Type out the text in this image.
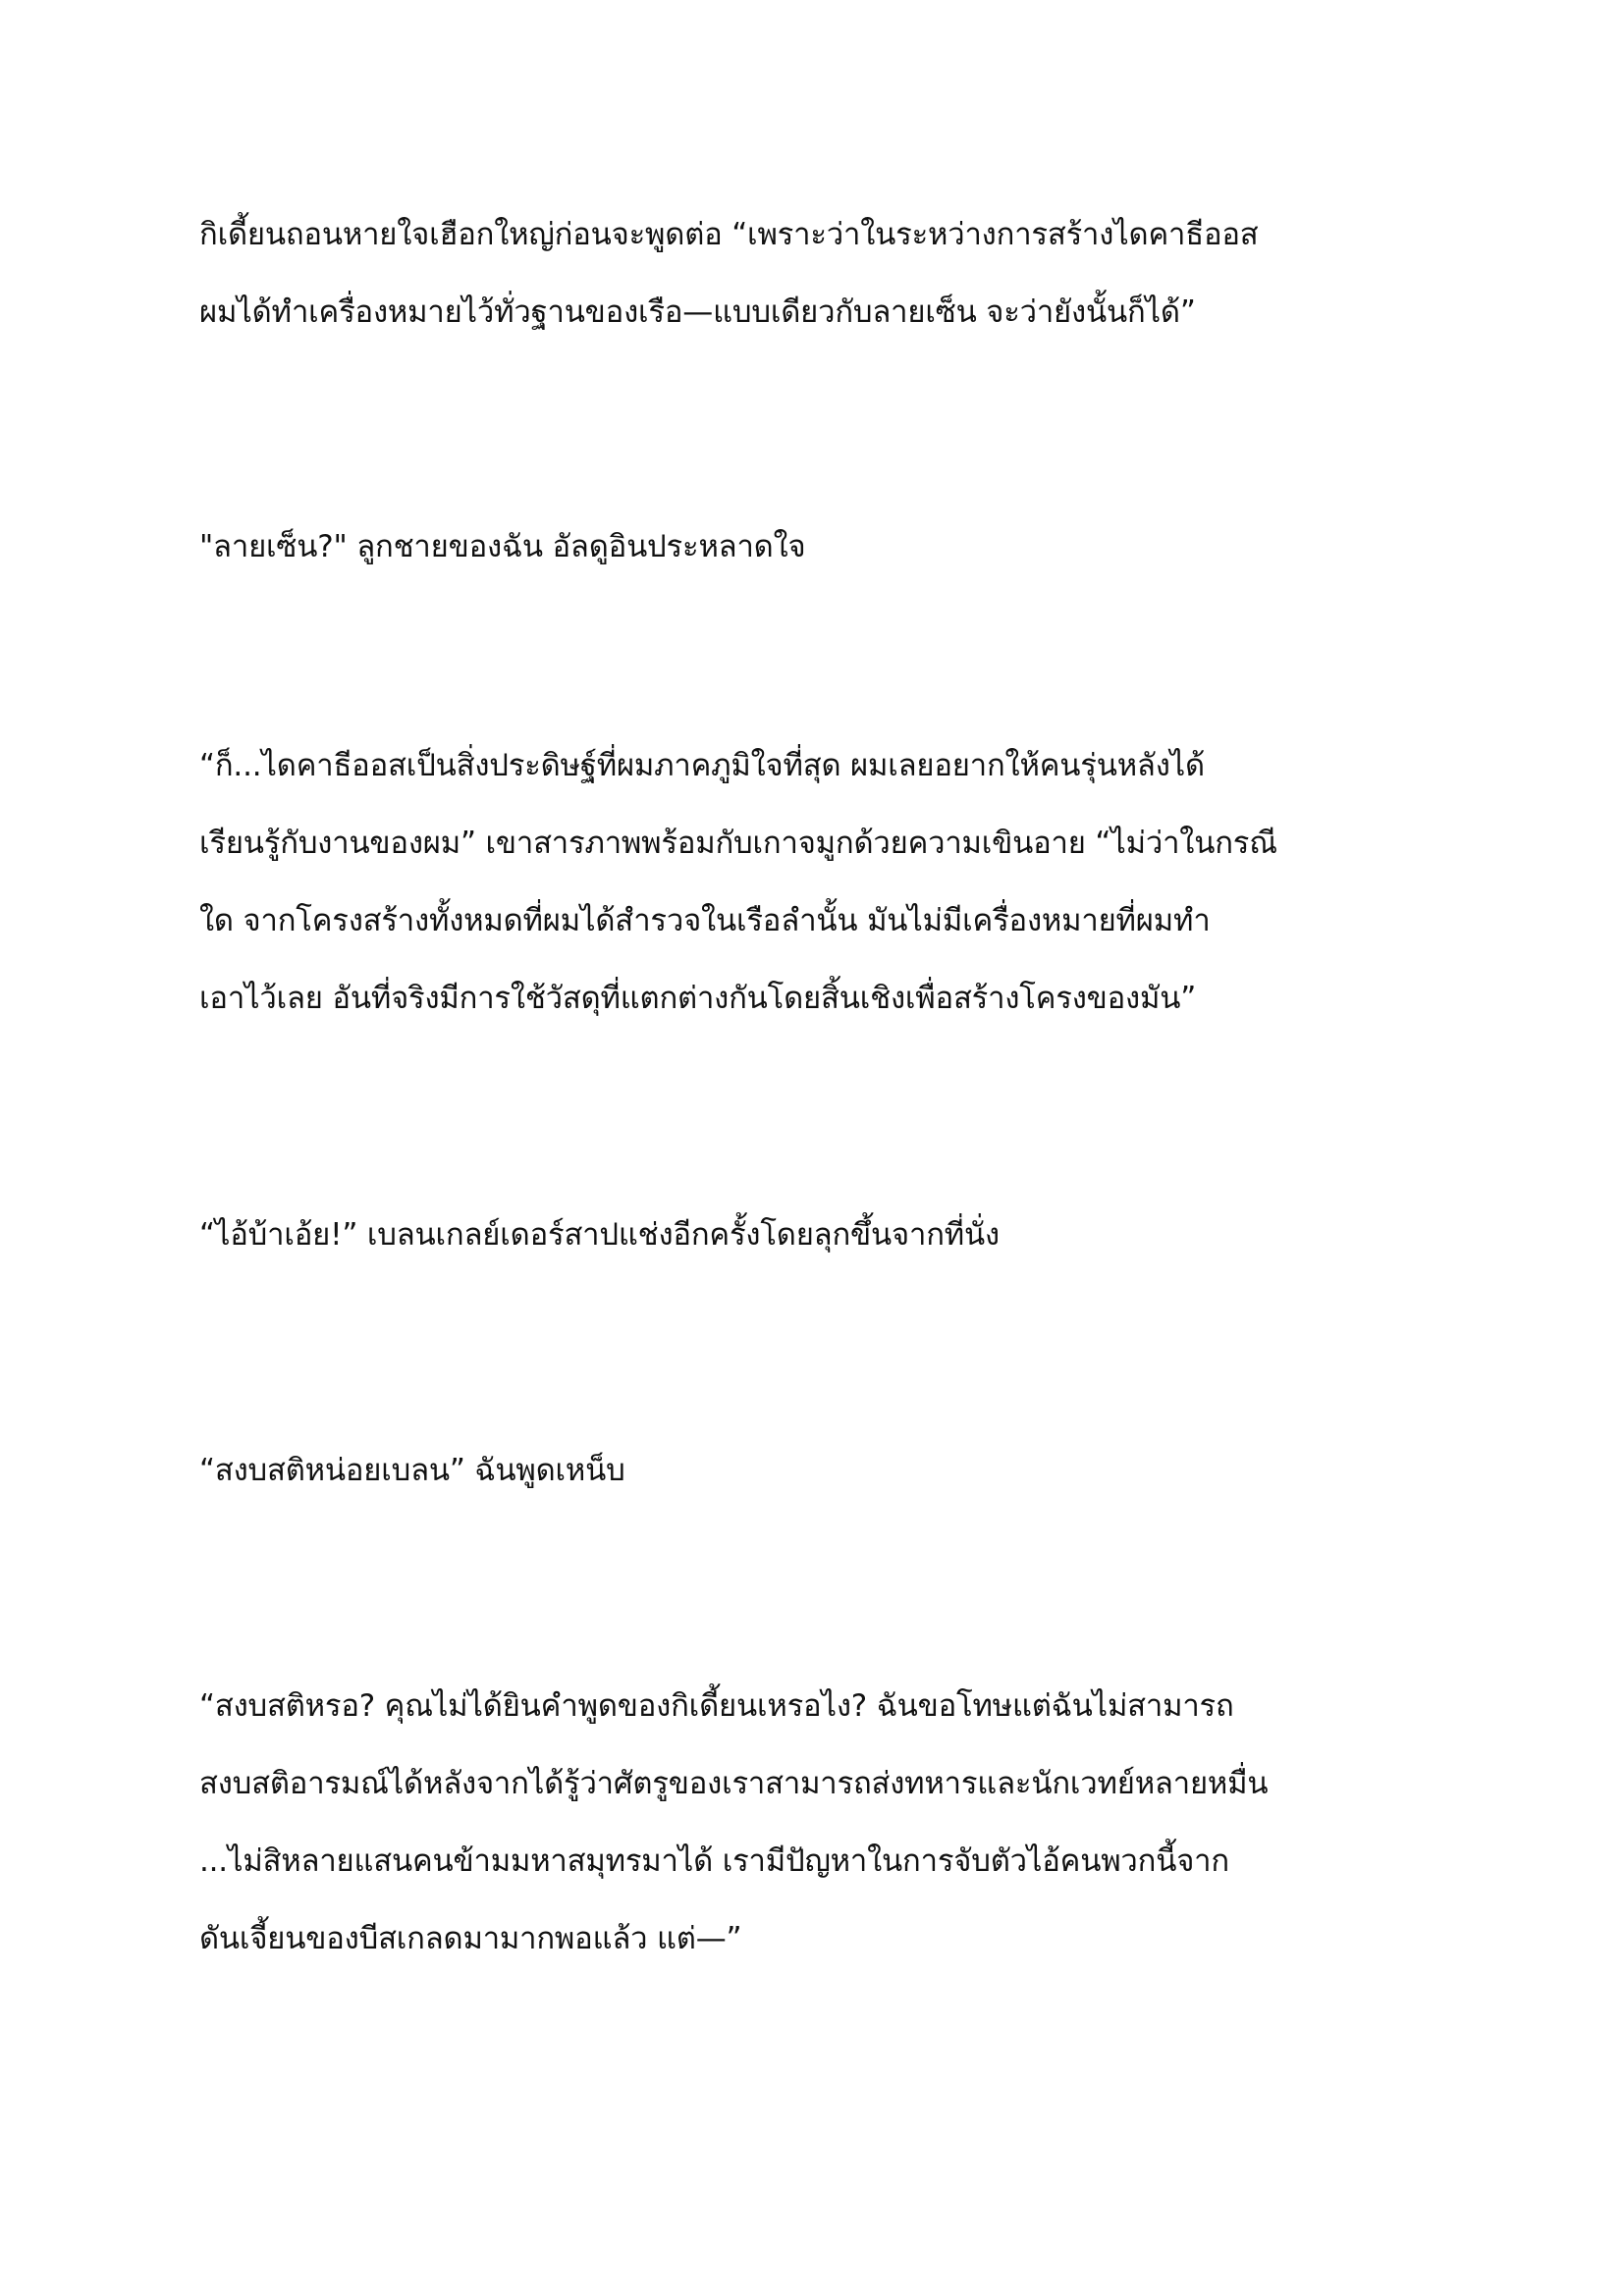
กิเดี้ยนถอนหายใจเฮือกใหญ่ก่อนจะพูดต่อ “เพราะว่าในระหว่างการสร้างไดคาธีออส
ผมได้ทำเครื่องหมายไว้ทั่วฐานของเรือ—แบบเดียวกับลายเซ็น จะว่ายังนั้นก็ได้”
"ลายเซ็น?" ลูกชายของฉัน อัลดูอินประหลาดใจ
“ก็...ไดคาธีออสเป็นสิ่งประดิษฐ์ที่ผมภาคภูมิใจที่สุด ผมเลยอยากให้คนรุ่นหลังได้
เรียนรู้กับงานของผม” เขาสารภาพพร้อมกับเกาจมูกด้วยความเขินอาย “ไม่ว่าในกรณี
ใด จากโครงสร้างทั้งหมดที่ผมได้สำรวจในเรือลำนั้น มันไม่มีเครื่องหมายที่ผมทำ
เอาไว้เลย อันที่จริงมีการใช้วัสดุที่แตกต่างกันโดยสิ้นเชิงเพื่อสร้างโครงของมัน”
“ไอ้บ้าเอ้ย!” เบลนเกลย์เดอร์สาปแช่งอีกครั้งโดยลุกขึ้นจากที่นั่ง
“สงบสติหน่อยเบลน” ฉันพูดเหน็บ
“สงบสติหรอ? คุณไม่ได้ยินคำพูดของกิเดี้ยนเหรอไง? ฉันขอโทษแต่ฉันไม่สามารถ
สงบสติอารมณ์ได้หลังจากได้รู้ว่าศัตรูของเราสามารถส่งทหารและนักเวทย์หลายหมื่น
...ไม่สิหลายแสนคนข้ามมหาสมุทรมาได้ เรามีปัญหาในการจับตัวไอ้คนพวกนี้จาก
ดันเจี้ยนของบีสเกลดมามากพอแล้ว แต่—”
